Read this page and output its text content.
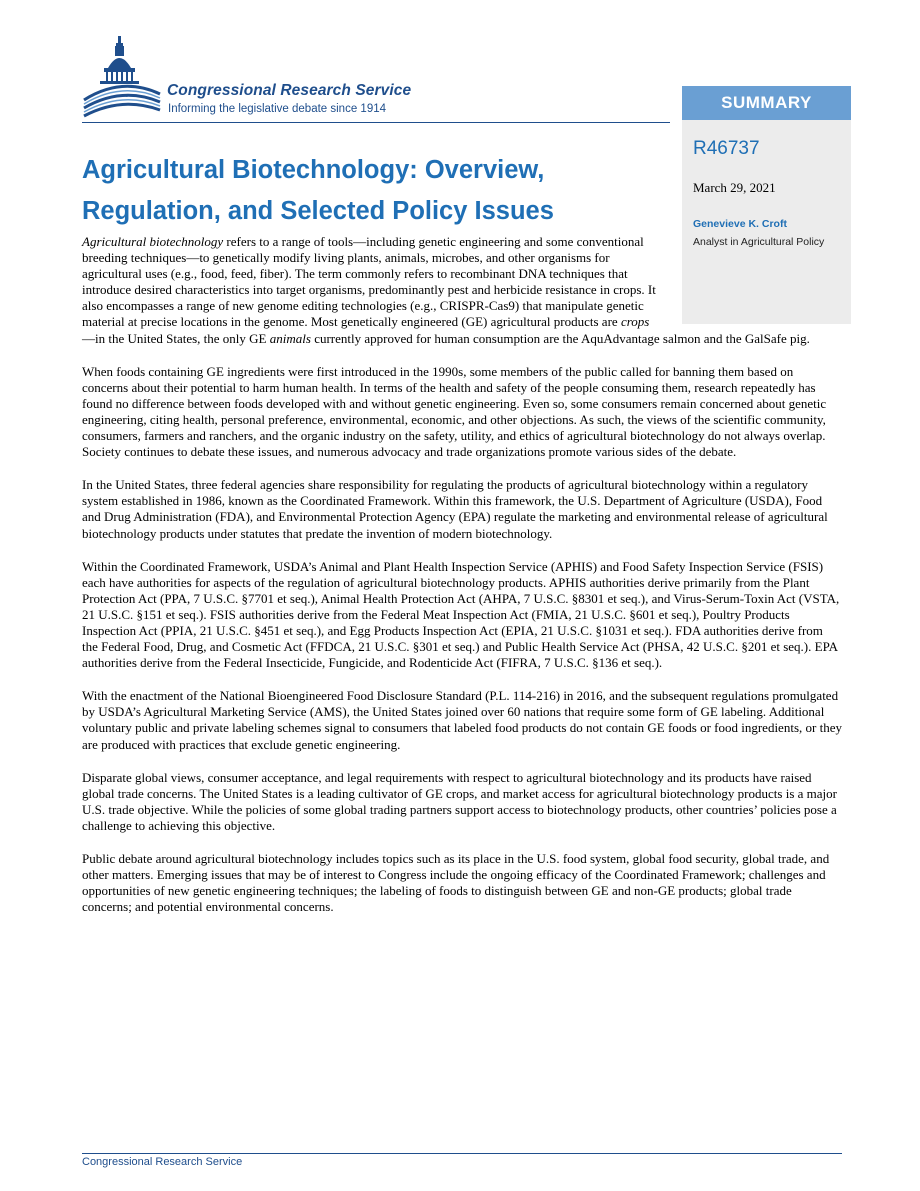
Congressional Research Service
Informing the legislative debate since 1914	SUMMARY
R46737
March 29, 2021
Genevieve K. Croft
Analyst in Agricultural Policy
Agricultural Biotechnology: Overview, Regulation, and Selected Policy Issues

Agricultural biotechnology refers to a range of tools—including genetic engineering and some conventional breeding techniques—to genetically modify living plants, animals, microbes, and other organisms for agricultural uses (e.g., food, feed, fiber). The term commonly refers to recombinant DNA techniques that introduce desired characteristics into target organisms, predominantly pest and herbicide resistance in crops. It also encompasses a range of new genome editing technologies (e.g., CRISPR-Cas9) that manipulate genetic material at precise locations in the genome. Most genetically engineered (GE) agricultural products are crops—in the United States, the only GE animals currently approved for human consumption are the AquAdvantage salmon and the GalSafe pig.

When foods containing GE ingredients were first introduced in the 1990s, some members of the public called for banning them based on concerns about their potential to harm human health. In terms of the health and safety of the people consuming them, research repeatedly has found no difference between foods developed with and without genetic engineering. Even so, some consumers remain concerned about genetic engineering, citing health, personal preference, environmental, economic, and other objections. As such, the views of the scientific community, consumers, farmers and ranchers, and the organic industry on the safety, utility, and ethics of agricultural biotechnology do not always overlap. Society continues to debate these issues, and numerous advocacy and trade organizations promote various sides of the debate.

In the United States, three federal agencies share responsibility for regulating the products of agricultural biotechnology within a regulatory system established in 1986, known as the Coordinated Framework. Within this framework, the U.S. Department of Agriculture (USDA), Food and Drug Administration (FDA), and Environmental Protection Agency (EPA) regulate the marketing and environmental release of agricultural biotechnology products under statutes that predate the invention of modern biotechnology.

Within the Coordinated Framework, USDA’s Animal and Plant Health Inspection Service (APHIS) and Food Safety Inspection Service (FSIS) each have authorities for aspects of the regulation of agricultural biotechnology products. APHIS authorities derive primarily from the Plant Protection Act (PPA, 7 U.S.C. §7701 et seq.), Animal Health Protection Act (AHPA, 7 U.S.C. §8301 et seq.), and Virus-Serum-Toxin Act (VSTA, 21 U.S.C. §151 et seq.). FSIS authorities derive from the Federal Meat Inspection Act (FMIA, 21 U.S.C. §601 et seq.), Poultry Products Inspection Act (PPIA, 21 U.S.C. §451 et seq.), and Egg Products Inspection Act (EPIA, 21 U.S.C. §1031 et seq.). FDA authorities derive from the Federal Food, Drug, and Cosmetic Act (FFDCA, 21 U.S.C. §301 et seq.) and Public Health Service Act (PHSA, 42 U.S.C. §201 et seq.). EPA authorities derive from the Federal Insecticide, Fungicide, and Rodenticide Act (FIFRA, 7 U.S.C. §136 et seq.).

With the enactment of the National Bioengineered Food Disclosure Standard (P.L. 114-216) in 2016, and the subsequent regulations promulgated by USDA’s Agricultural Marketing Service (AMS), the United States joined over 60 nations that require some form of GE labeling. Additional voluntary public and private labeling schemes signal to consumers that labeled food products do not contain GE foods or food ingredients, or they are produced with practices that exclude genetic engineering.

Disparate global views, consumer acceptance, and legal requirements with respect to agricultural biotechnology and its products have raised global trade concerns. The United States is a leading cultivator of GE crops, and market access for agricultural biotechnology products is a major U.S. trade objective. While the policies of some global trading partners support access to biotechnology products, other countries’ policies pose a challenge to achieving this objective.

Public debate around agricultural biotechnology includes topics such as its place in the U.S. food system, global food security, global trade, and other matters. Emerging issues that may be of interest to Congress include the ongoing efficacy of the Coordinated Framework; challenges and opportunities of new genetic engineering techniques; the labeling of foods to distinguish between GE and non-GE products; global trade concerns; and potential environmental concerns.

Congressional Research Service
